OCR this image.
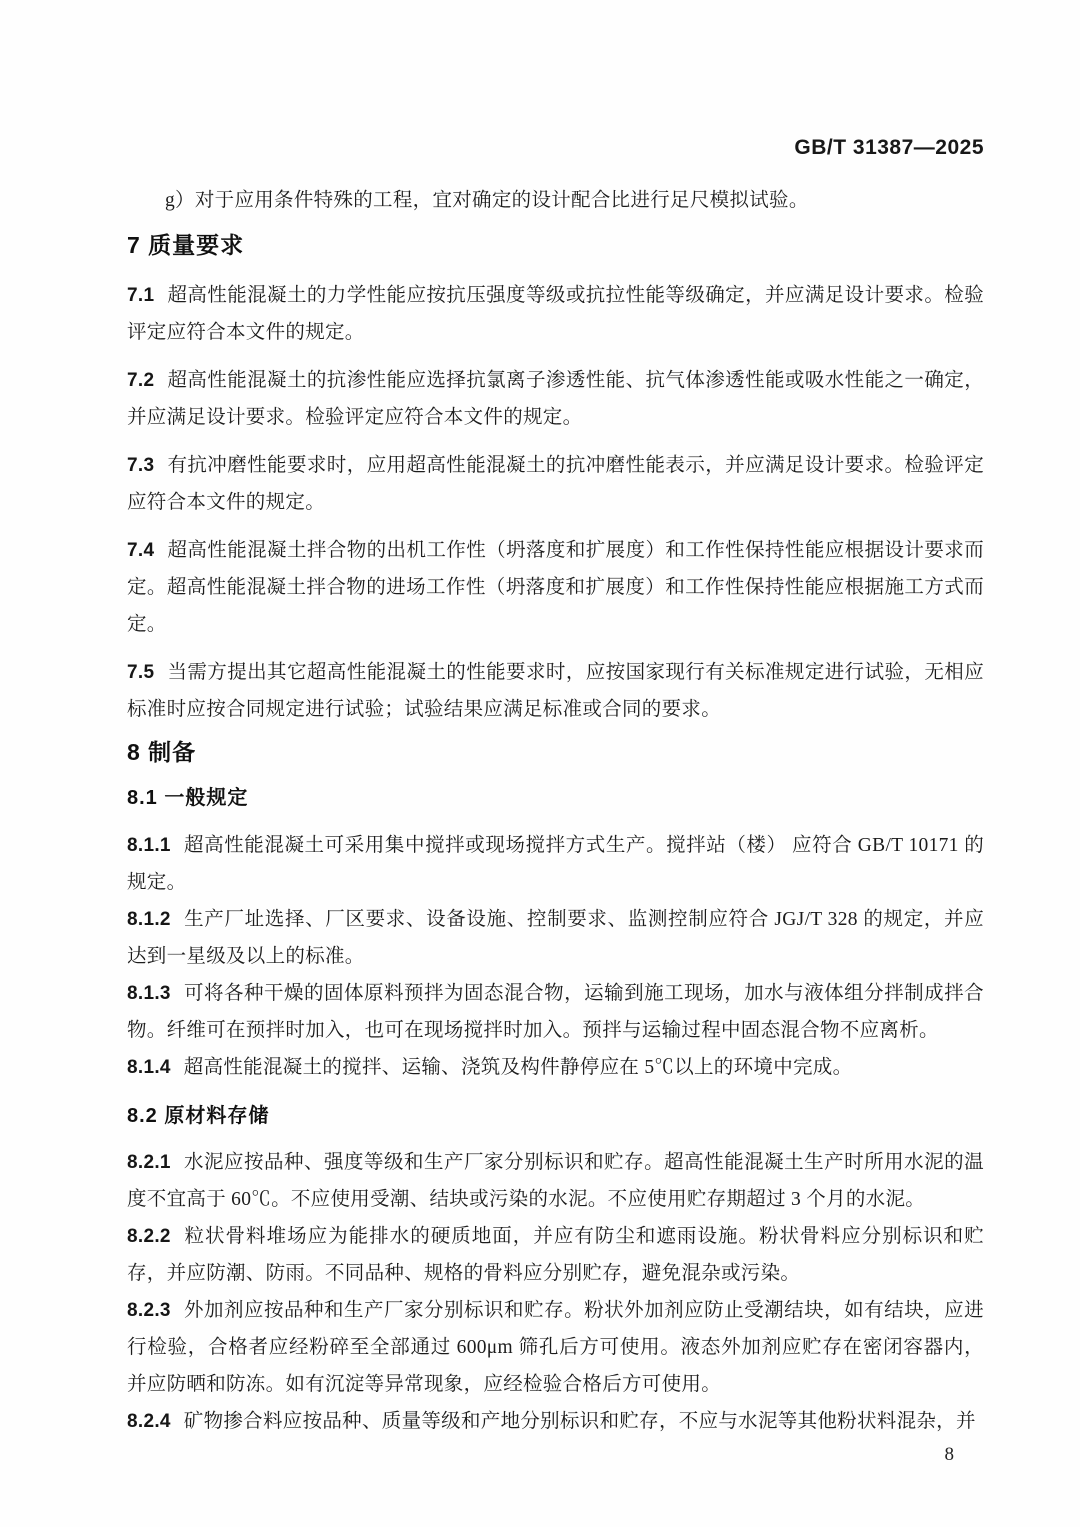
GB/T 31387—2025

g）对于应用条件特殊的工程，宜对确定的设计配合比进行足尺模拟试验。

7 质量要求

7.1 超高性能混凝土的力学性能应按抗压强度等级或抗拉性能等级确定，并应满足设计要求。检验评定应符合本文件的规定。

7.2 超高性能混凝土的抗渗性能应选择抗氯离子渗透性能、抗气体渗透性能或吸水性能之一确定，并应满足设计要求。检验评定应符合本文件的规定。

7.3 有抗冲磨性能要求时，应用超高性能混凝土的抗冲磨性能表示，并应满足设计要求。检验评定应符合本文件的规定。

7.4 超高性能混凝土拌合物的出机工作性（坍落度和扩展度）和工作性保持性能应根据设计要求而定。超高性能混凝土拌合物的进场工作性（坍落度和扩展度）和工作性保持性能应根据施工方式而定。

7.5 当需方提出其它超高性能混凝土的性能要求时，应按国家现行有关标准规定进行试验，无相应标准时应按合同规定进行试验；试验结果应满足标准或合同的要求。

8 制备
8.1 一般规定

8.1.1 超高性能混凝土可采用集中搅拌或现场搅拌方式生产。搅拌站（楼） 应符合 GB/T 10171 的规定。

8.1.2 生产厂址选择、厂区要求、设备设施、控制要求、监测控制应符合 JGJ/T 328 的规定，并应达到一星级及以上的标准。

8.1.3 可将各种干燥的固体原料预拌为固态混合物，运输到施工现场，加水与液体组分拌制成拌合物。纤维可在预拌时加入，也可在现场搅拌时加入。预拌与运输过程中固态混合物不应离析。

8.1.4 超高性能混凝土的搅拌、运输、浇筑及构件静停应在 5℃以上的环境中完成。

8.2 原材料存储

8.2.1 水泥应按品种、强度等级和生产厂家分别标识和贮存。超高性能混凝土生产时所用水泥的温度不宜高于 60℃。不应使用受潮、结块或污染的水泥。不应使用贮存期超过 3 个月的水泥。

8.2.2 粒状骨料堆场应为能排水的硬质地面，并应有防尘和遮雨设施。粉状骨料应分别标识和贮存，并应防潮、防雨。不同品种、规格的骨料应分别贮存，避免混杂或污染。

8.2.3 外加剂应按品种和生产厂家分别标识和贮存。粉状外加剂应防止受潮结块，如有结块，应进行检验，合格者应经粉碎至全部通过 600μm 筛孔后方可使用。液态外加剂应贮存在密闭容器内，并应防晒和防冻。如有沉淀等异常现象，应经检验合格后方可使用。

8.2.4 矿物掺合料应按品种、质量等级和产地分别标识和贮存，不应与水泥等其他粉状料混杂，并

8
